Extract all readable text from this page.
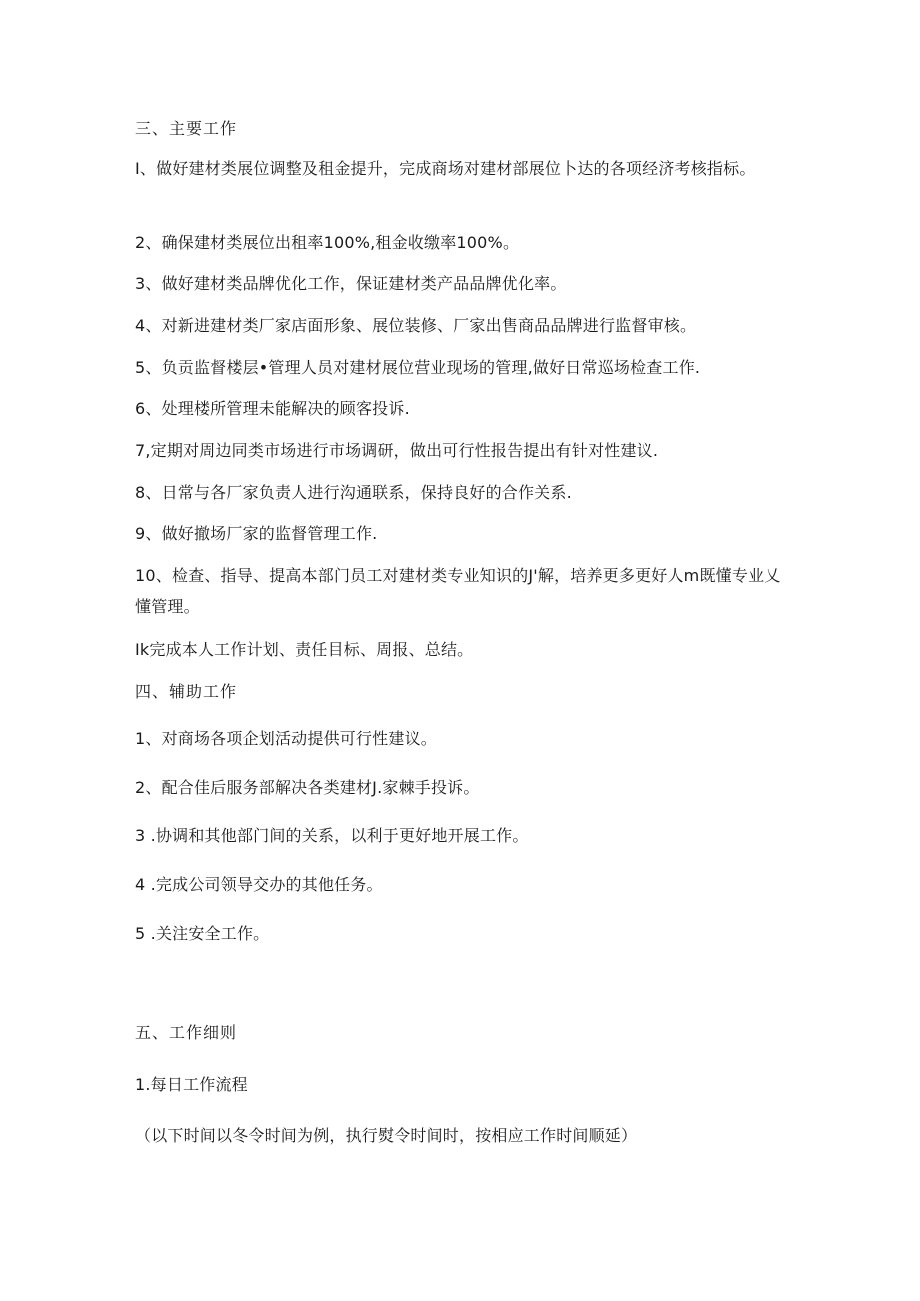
三、主要工作
I、做好建材类展位调整及租金提升，完成商场对建材部展位卜达的各项经济考核指标。
2、确保建材类展位出租率100%,租金收缴率100%。
3、做好建材类品牌优化工作，保证建材类产品品牌优化率。
4、对新进建材类厂家店面形象、展位装修、厂家出售商品品牌进行监督审核。
5、负贡监督楼层•管理人员对建材展位营业现场的管理,做好日常巡场检查工作.
6、处理楼所管理未能解决的顾客投诉.
7,定期对周边同类市场进行市场调研，做出可行性报告提出有针对性建议.
8、日常与各厂家负责人进行沟通联系，保持良好的合作关系.
9、做好撤场厂家的监督管理工作.
10、检查、指导、提高本部门员工对建材类专业知识的J'解，培养更多更好人m既懂专业乂懂管理。
Ik完成本人工作计划、责任目标、周报、总结。
四、辅助工作
1、对商场各项企划活动提供可行性建议。
2、配合佳后服务部解决各类建材J.家棘手投诉。
3 .协调和其他部门间的关系，以利于更好地开展工作。
4 .完成公司领导交办的其他任务。
5 .关注安全工作。
五、工作细则
1.每日工作流程
（以下时间以冬令时间为例，执行熨令时间时，按相应工作时间顺延）
